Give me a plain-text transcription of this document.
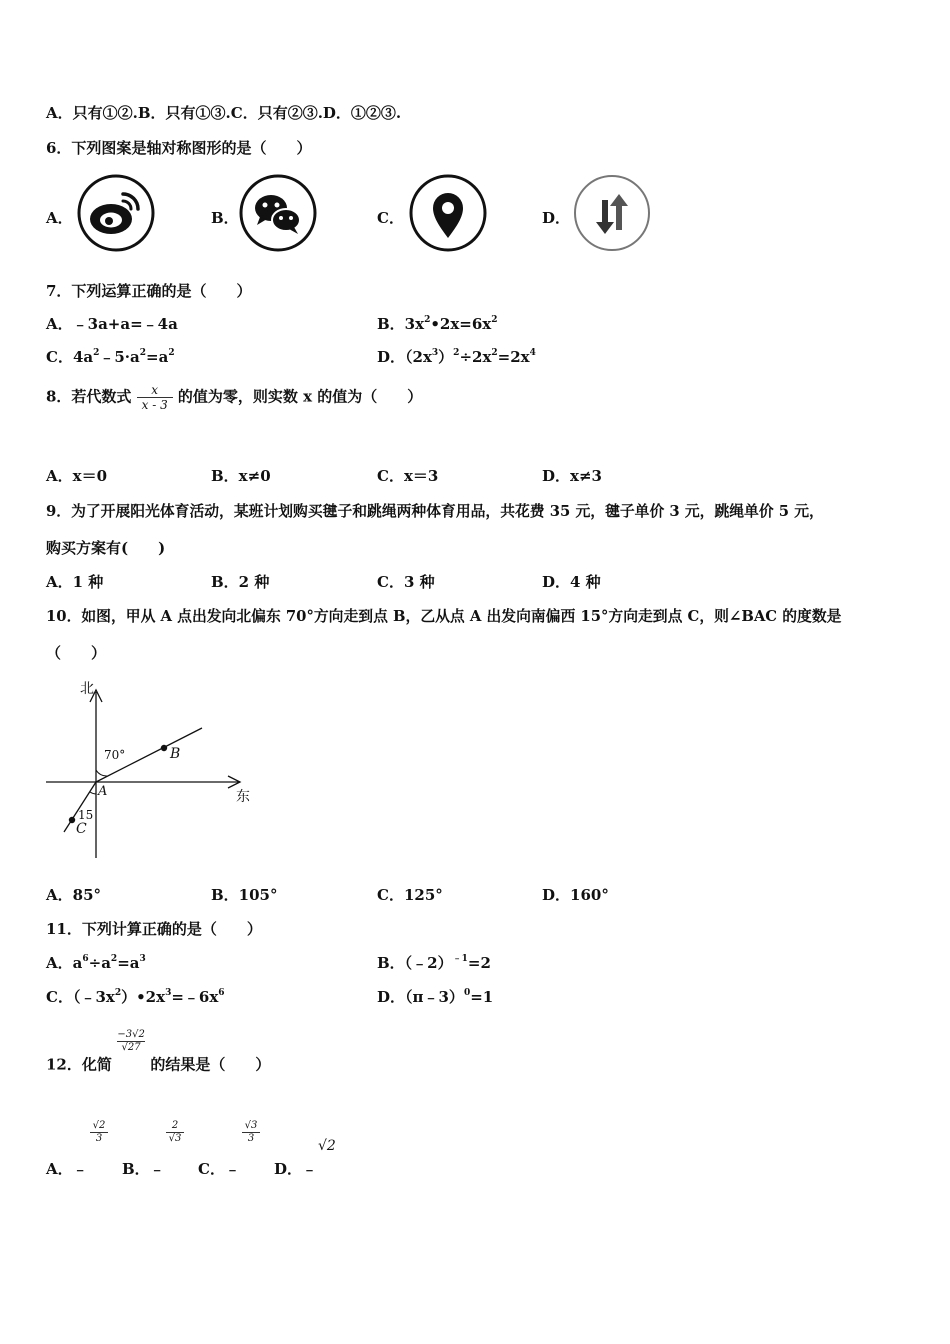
A．只有①②.B．只有①③.C．只有②③.D．①②③.
6．下列图案是轴对称图形的是（　　）
A．	B．	C．	D．
7．下列运算正确的是（　　）
A．﹣3a+a=﹣4a	B．$3x^2•2x=6x^2$
C．$4a^2﹣5\cdot a^2=a^2$	D．$(2x^3)^2\div 2x^2=2x^4$
8．若代数式 $\frac{x}{x - 3}$ 的值为零，则实数 x 的值为（　　）
A．x＝0	B．x≠0	C．x＝3	D．x≠3
9．为了开展阳光体育活动，某班计划购买毽子和跳绳两种体育用品，共花费 35 元，毽子单价 3 元，跳绳单价 5 元，
购买方案有(　　)
A．1 种	B．2 种	C．3 种	D．4 种
10．如图，甲从 A 点出发向北偏东 70°方向走到点 B，乙从点 A 出发向南偏西 15°方向走到点 C，则∠BAC 的度数是
（　　）
北
东
70°
15
A
B
C
A．85°	B．105°	C．125°	D．160°
11．下列计算正确的是（　　）
A．$a^6\div a^2=a^3$	B．（﹣2）$^{﹣1}$=2
C．$(﹣3x^2)•2x^3=﹣6x^6$	D．（π﹣3）$^0$=1
12．化简
$\frac{-3√2}{√27}$
的结果是（　　）
A．﹣
$\frac{√2}{3}$
B．﹣
$\frac{2}{√3}$
C．﹣
$\frac{√3}{3}$
D．﹣
√2
